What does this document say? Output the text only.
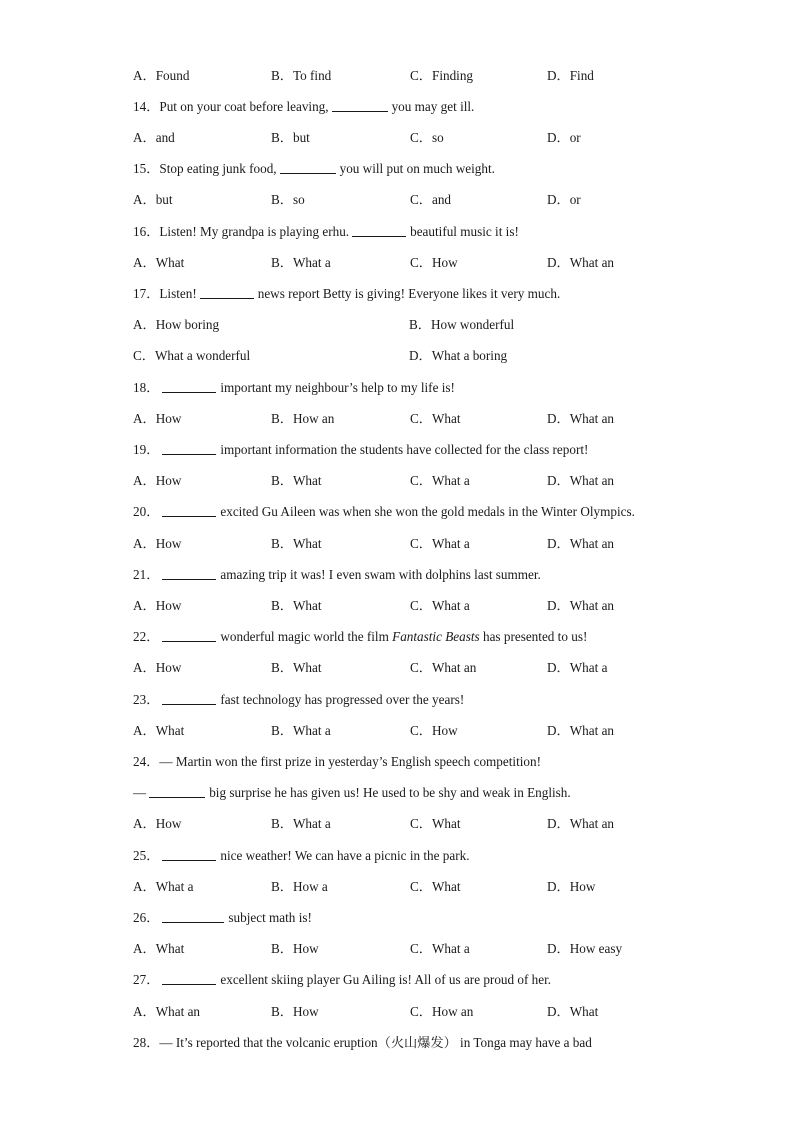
A．Found	B．To find	C．Finding	D．Find
14．Put on your coat before leaving,	you may get ill.
A．and	B．but	C．so	D．or
15．Stop eating junk food,	you will put on much weight.
A．but	B．so	C．and	D．or
16．Listen! My grandpa is playing erhu.	beautiful music it is!
A．What	B．What a	C．How	D．What an
17．Listen!	news report Betty is giving! Everyone likes it very much.
A．How boring	B．How wonderful
C．What a wonderful	D．What a boring
18．	important my neighbour’s help to my life is!
A．How	B．How an	C．What	D．What an
19．	important information the students have collected for the class report!
A．How	B．What	C．What a	D．What an
20．	excited Gu Aileen was when she won the gold medals in the Winter Olympics.
A．How	B．What	C．What a	D．What an
21．	amazing trip it was! I even swam with dolphins last summer.
A．How	B．What	C．What a	D．What an
22．	wonderful magic world the film Fantastic Beasts has presented to us!
A．How	B．What	C．What an	D．What a
23．	fast technology has progressed over the years!
A．What	B．What a	C．How	D．What an
24．— Martin won the first prize in yesterday’s English speech competition!
—	big surprise he has given us! He used to be shy and weak in English.
A．How	B．What a	C．What	D．What an
25．	nice weather! We can have a picnic in the park.
A．What a	B．How a	C．What	D．How
26．	subject math is!
A．What	B．How	C．What a	D．How easy
27．	excellent skiing player Gu Ailing is! All of us are proud of her.
A．What an	B．How	C．How an	D．What
28．— It’s reported that the volcanic eruption（火山爆发） in Tonga may have a bad
